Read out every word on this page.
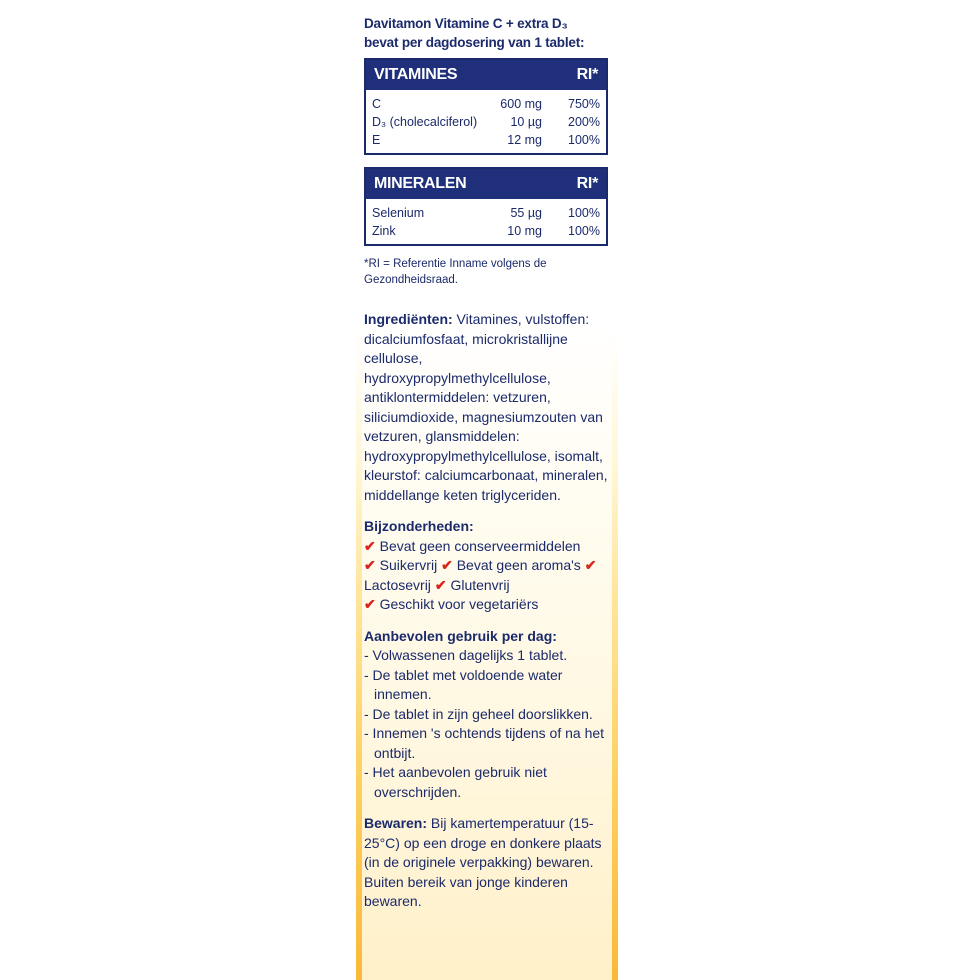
Davitamon Vitamine C + extra D₃
bevat per dagdosering van 1 tablet:
VITAMINES	RI*
C	600 mg	750%
D₃ (cholecalciferol)	10 µg	200%
E	12 mg	100%
MINERALEN	RI*
Selenium	55 µg	100%
Zink	10 mg	100%
*RI = Referentie Inname volgens de Gezondheidsraad.
Ingrediënten: Vitamines, vulstoffen: dicalciumfosfaat, microkristallijne cellulose, hydroxypropylmethylcellulose, antiklontermiddelen: vetzuren, siliciumdioxide, magnesiumzouten van vetzuren, glansmiddelen: hydroxypropylmethylcellulose, isomalt, kleurstof: calciumcarbonaat, mineralen, middellange keten triglyceriden.
Bijzonderheden:
✔ Bevat geen conserveermiddelen
✔ Suikervrij ✔ Bevat geen aroma's ✔ Lactosevrij ✔ Glutenvrij
✔ Geschikt voor vegetariërs
Aanbevolen gebruik per dag:
- Volwassenen dagelijks 1 tablet.
- De tablet met voldoende water innemen.
- De tablet in zijn geheel doorslikken.
- Innemen 's ochtends tijdens of na het ontbijt.
- Het aanbevolen gebruik niet overschrijden.
Bewaren: Bij kamertemperatuur (15-25°C) op een droge en donkere plaats (in de originele verpakking) bewaren. Buiten bereik van jonge kinderen bewaren.
